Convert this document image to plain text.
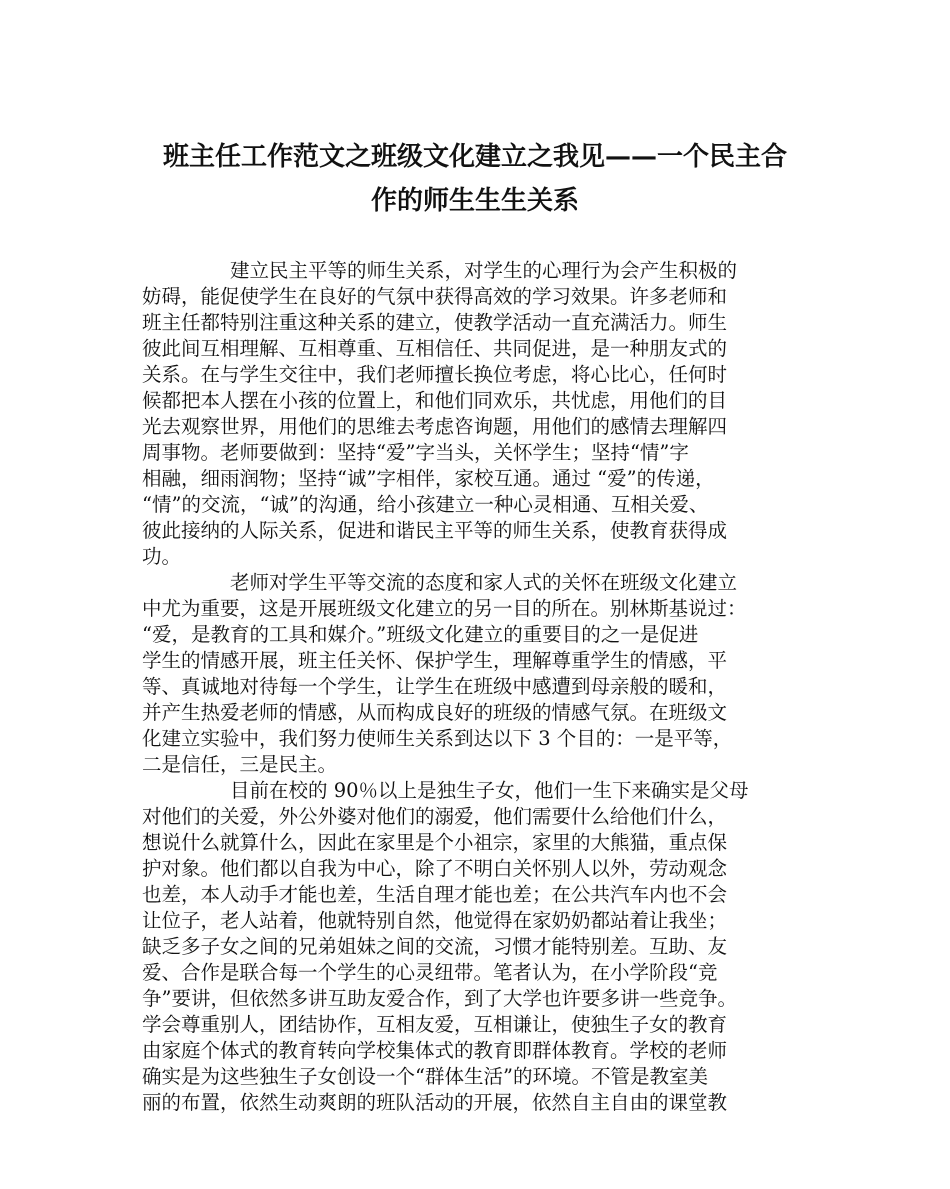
班主任工作范文之班级文化建立之我见——一个民主合
作的师生生生关系

建立民主平等的师生关系，对学生的心理行为会产生积极的
妨碍，能促使学生在良好的气氛中获得高效的学习效果。许多老师和
班主任都特别注重这种关系的建立，使教学活动一直充满活力。师生
彼此间互相理解、互相尊重、互相信任、共同促进，是一种朋友式的
关系。在与学生交往中，我们老师擅长换位考虑，将心比心，任何时
候都把本人摆在小孩的位置上，和他们同欢乐，共忧虑，用他们的目
光去观察世界，用他们的思维去考虑咨询题，用他们的感情去理解四
周事物。老师要做到：坚持“爱”字当头，关怀学生；坚持“情”字
相融，细雨润物；坚持“诚”字相伴，家校互通。通过 “爱”的传递，
“情”的交流，“诚”的沟通，给小孩建立一种心灵相通、互相关爱、
彼此接纳的人际关系，促进和谐民主平等的师生关系，使教育获得成
功。

老师对学生平等交流的态度和家人式的关怀在班级文化建立
中尤为重要，这是开展班级文化建立的另一目的所在。别林斯基说过：
“爱，是教育的工具和媒介。”班级文化建立的重要目的之一是促进
学生的情感开展，班主任关怀、保护学生，理解尊重学生的情感，平
等、真诚地对待每一个学生，让学生在班级中感遭到母亲般的暖和，
并产生热爱老师的情感，从而构成良好的班级的情感气氛。在班级文
化建立实验中，我们努力使师生关系到达以下 3 个目的：一是平等，
二是信任，三是民主。

目前在校的 90％以上是独生子女，他们一生下来确实是父母
对他们的关爱，外公外婆对他们的溺爱，他们需要什么给他们什么，
想说什么就算什么，因此在家里是个小祖宗，家里的大熊猫，重点保
护对象。他们都以自我为中心，除了不明白关怀别人以外，劳动观念
也差，本人动手才能也差，生活自理才能也差；在公共汽车内也不会
让位子，老人站着，他就特别自然，他觉得在家奶奶都站着让我坐；
缺乏多子女之间的兄弟姐妹之间的交流，习惯才能特别差。互助、友
爱、合作是联合每一个学生的心灵纽带。笔者认为，在小学阶段“竞
争”要讲，但依然多讲互助友爱合作，到了大学也许要多讲一些竞争。
学会尊重别人，团结协作，互相友爱，互相谦让，使独生子女的教育
由家庭个体式的教育转向学校集体式的教育即群体教育。学校的老师
确实是为这些独生子女创设一个“群体生活”的环境。不管是教室美
丽的布置，依然生动爽朗的班队活动的开展，依然自主自由的课堂教
